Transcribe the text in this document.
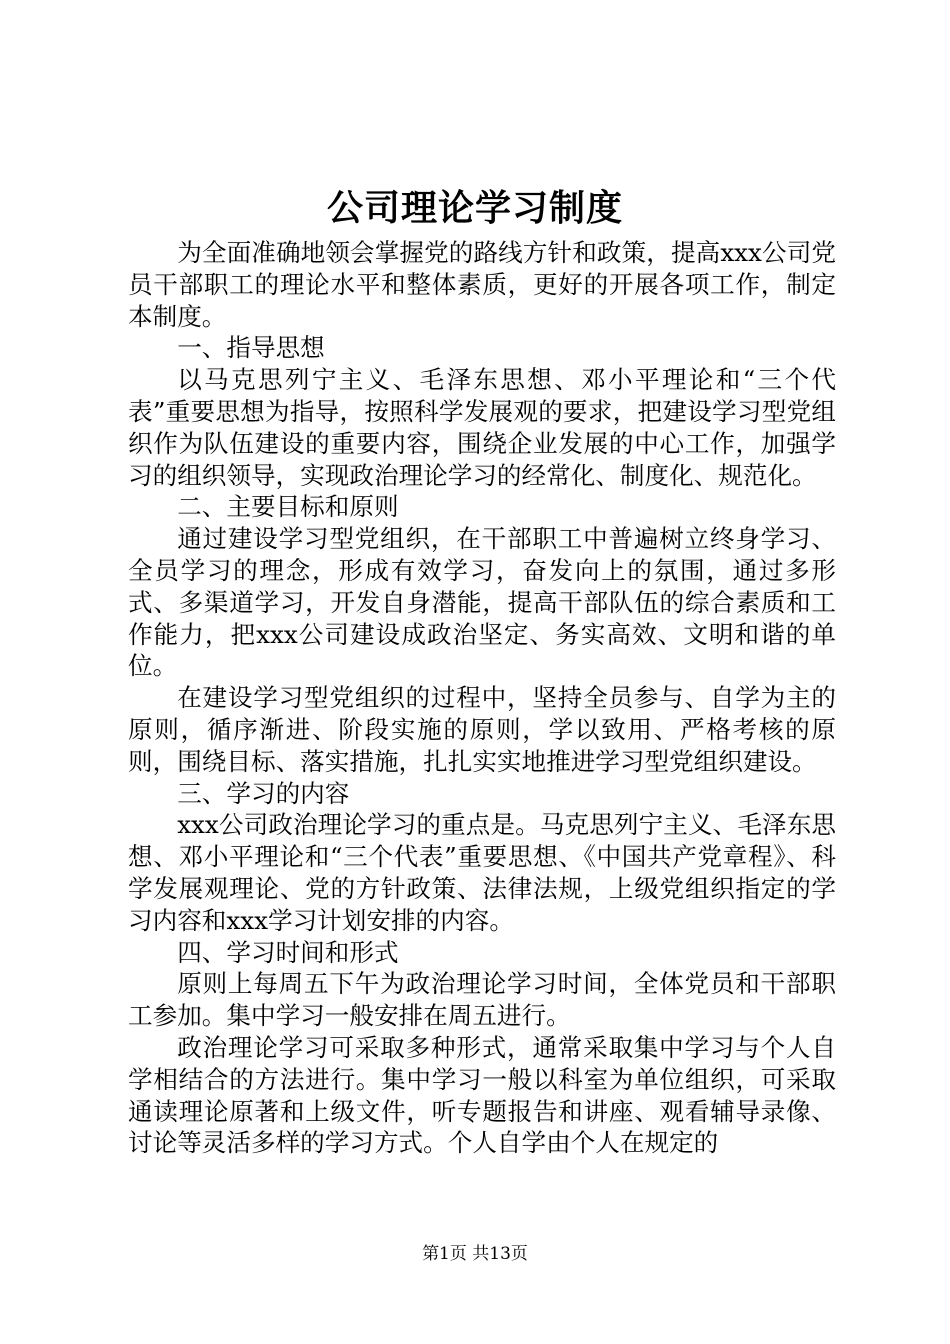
公司理论学习制度

为全面准确地领会掌握党的路线方针和政策，提高xxx公司党员干部职工的理论水平和整体素质，更好的开展各项工作，制定本制度。

一、指导思想

以马克思列宁主义、毛泽东思想、邓小平理论和“三个代表”重要思想为指导，按照科学发展观的要求，把建设学习型党组织作为队伍建设的重要内容，围绕企业发展的中心工作，加强学习的组织领导，实现政治理论学习的经常化、制度化、规范化。

二、主要目标和原则

通过建设学习型党组织，在干部职工中普遍树立终身学习、全员学习的理念，形成有效学习，奋发向上的氛围，通过多形式、多渠道学习，开发自身潜能，提高干部队伍的综合素质和工作能力，把xxx公司建设成政治坚定、务实高效、文明和谐的单位。

在建设学习型党组织的过程中，坚持全员参与、自学为主的原则，循序渐进、阶段实施的原则，学以致用、严格考核的原则，围绕目标、落实措施，扎扎实实地推进学习型党组织建设。

三、学习的内容

xxx公司政治理论学习的重点是。马克思列宁主义、毛泽东思想、邓小平理论和“三个代表”重要思想、《中国共产党章程》、科学发展观理论、党的方针政策、法律法规，上级党组织指定的学习内容和xxx学习计划安排的内容。

四、学习时间和形式

原则上每周五下午为政治理论学习时间，全体党员和干部职工参加。集中学习一般安排在周五进行。

政治理论学习可采取多种形式，通常采取集中学习与个人自学相结合的方法进行。集中学习一般以科室为单位组织，可采取通读理论原著和上级文件，听专题报告和讲座、观看辅导录像、讨论等灵活多样的学习方式。个人自学由个人在规定的

第1页 共13页
